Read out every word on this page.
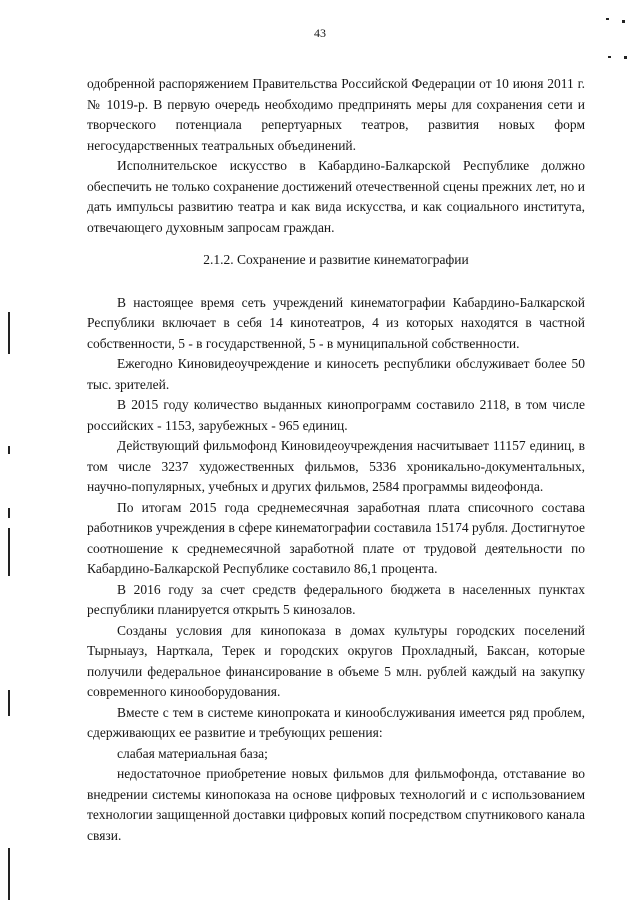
43

одобренной распоряжением Правительства Российской Федерации от 10 июня 2011 г. № 1019-р. В первую очередь необходимо предпринять меры для сохранения сети и творческого потенциала репертуарных театров, развития новых форм негосударственных театральных объединений.

Исполнительское искусство в Кабардино-Балкарской Республике должно обеспечить не только сохранение достижений отечественной сцены прежних лет, но и дать импульсы развитию театра и как вида искусства, и как социального института, отвечающего духовным запросам граждан.

2.1.2. Сохранение и развитие кинематографии

В настоящее время сеть учреждений кинематографии Кабардино-Балкарской Республики включает в себя 14 кинотеатров, 4 из которых находятся в частной собственности, 5 - в государственной, 5 - в муниципальной собственности.

Ежегодно Киновидеоучреждение и киносеть республики обслуживает более 50 тыс. зрителей.

В 2015 году количество выданных кинопрограмм составило 2118, в том числе российских - 1153, зарубежных - 965 единиц.

Действующий фильмофонд Киновидеоучреждения насчитывает 11157 единиц, в том числе 3237 художественных фильмов, 5336 хроникально-документальных, научно-популярных, учебных и других фильмов, 2584 программы видеофонда.

По итогам 2015 года среднемесячная заработная плата списочного состава работников учреждения в сфере кинематографии составила 15174 рубля. Достигнутое соотношение к среднемесячной заработной плате от трудовой деятельности по Кабардино-Балкарской Республике составило 86,1 процента.

В 2016 году за счет средств федерального бюджета в населенных пунктах республики планируется открыть 5 кинозалов.

Созданы условия для кинопоказа в домах культуры городских поселений Тырныауз, Нарткала, Терек и городских округов Прохладный, Баксан, которые получили федеральное финансирование в объеме 5 млн. рублей каждый на закупку современного кинооборудования.

Вместе с тем в системе кинопроката и кинообслуживания имеется ряд проблем, сдерживающих ее развитие и требующих решения:

слабая материальная база;

недостаточное приобретение новых фильмов для фильмофонда, отставание во внедрении системы кинопоказа на основе цифровых технологий и с использованием технологии защищенной доставки цифровых копий посредством спутникового канала связи.
